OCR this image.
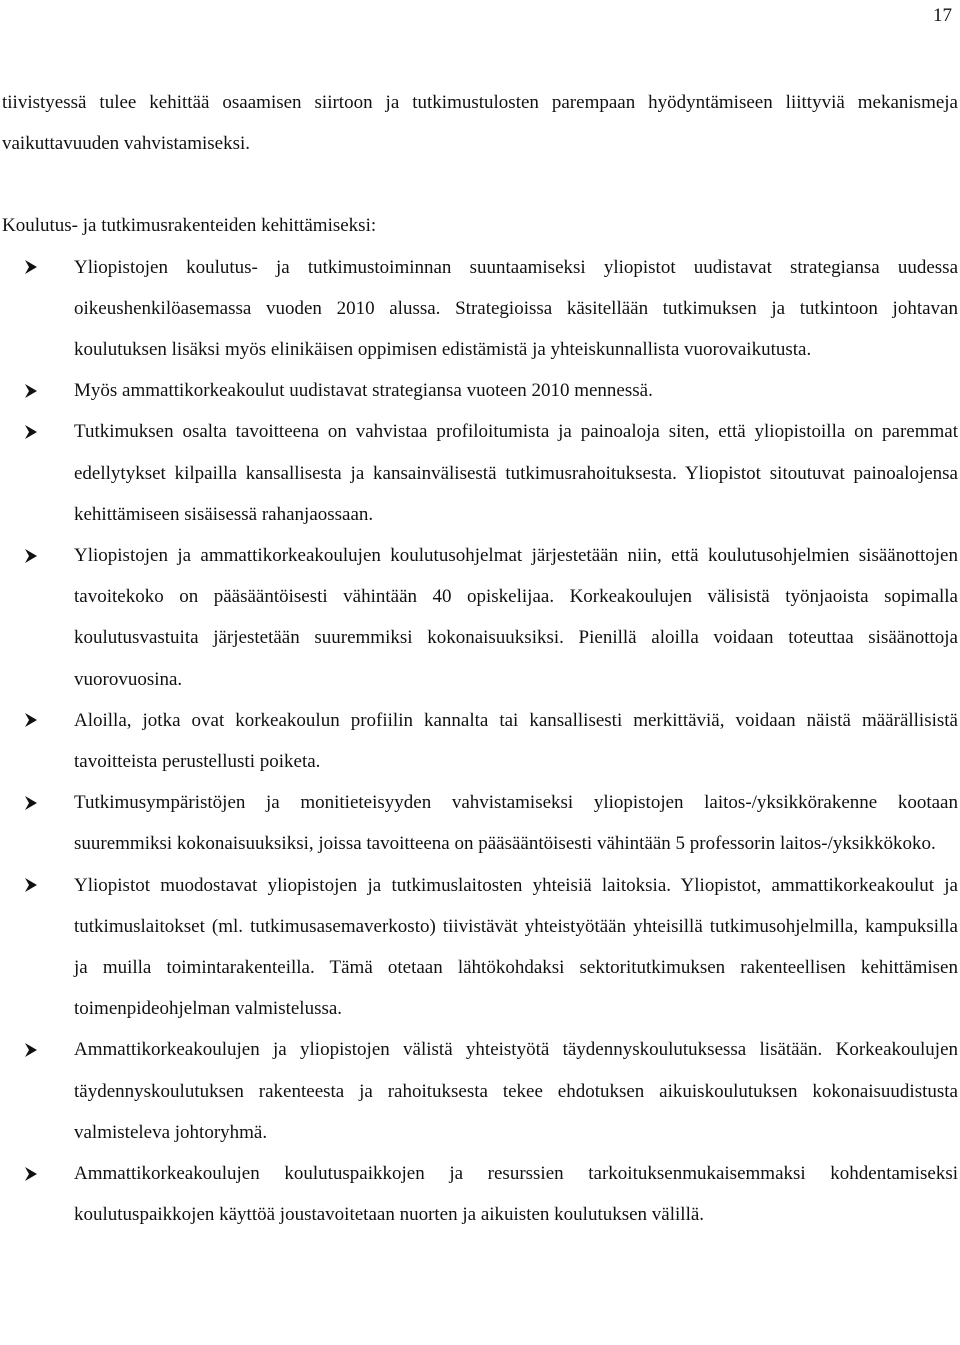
17

tiivistyessä tulee kehittää osaamisen siirtoon ja tutkimustulosten parempaan hyödyntämiseen liittyviä mekanismeja vaikuttavuuden vahvistamiseksi.

Koulutus- ja tutkimusrakenteiden kehittämiseksi:

Yliopistojen koulutus- ja tutkimustoiminnan suuntaamiseksi yliopistot uudistavat strategiansa uudessa oikeushenkilöasemassa vuoden 2010 alussa. Strategioissa käsitellään tutkimuksen ja tutkintoon johtavan koulutuksen lisäksi myös elinikäisen oppimisen edistämistä ja yhteiskunnallista vuorovaikutusta.
Myös ammattikorkeakoulut uudistavat strategiansa vuoteen 2010 mennessä.
Tutkimuksen osalta tavoitteena on vahvistaa profiloitumista ja painoaloja siten, että yliopistoilla on paremmat edellytykset kilpailla kansallisesta ja kansainvälisestä tutkimusrahoituksesta. Yliopistot sitoutuvat painoalojensa kehittämiseen sisäisessä rahanjaossaan.
Yliopistojen ja ammattikorkeakoulujen koulutusohjelmat järjestetään niin, että koulutusohjelmien sisäänottojen tavoitekoko on pääsääntöisesti vähintään 40 opiskelijaa. Korkeakoulujen välisistä työnjaoista sopimalla koulutusvastuita järjestetään suuremmiksi kokonaisuuksiksi. Pienillä aloilla voidaan toteuttaa sisäänottoja vuorovuosina.
Aloilla, jotka ovat korkeakoulun profiilin kannalta tai kansallisesti merkittäviä, voidaan näistä määrällisistä tavoitteista perustellusti poiketa.
Tutkimusympäristöjen ja monitieteisyyden vahvistamiseksi yliopistojen laitos-/yksikkörakenne kootaan suuremmiksi kokonaisuuksiksi, joissa tavoitteena on pääsääntöisesti vähintään 5 professorin laitos-/yksikkökoko.
Yliopistot muodostavat yliopistojen ja tutkimuslaitosten yhteisiä laitoksia. Yliopistot, ammattikorkeakoulut ja tutkimuslaitokset (ml. tutkimusasemaverkosto) tiivistävät yhteistyötään yhteisillä tutkimusohjelmilla, kampuksilla ja muilla toimintarakenteilla. Tämä otetaan lähtökohdaksi sektoritutkimuksen rakenteellisen kehittämisen toimenpideohjelman valmistelussa.
Ammattikorkeakoulujen ja yliopistojen välistä yhteistyötä täydennyskoulutuksessa lisätään. Korkeakoulujen täydennyskoulutuksen rakenteesta ja rahoituksesta tekee ehdotuksen aikuiskoulutuksen kokonaisuudistusta valmisteleva johtoryhmä.
Ammattikorkeakoulujen koulutuspaikkojen ja resurssien tarkoituksenmukaisemmaksi kohdentamiseksi koulutuspaikkojen käyttöä joustavoitetaan nuorten ja aikuisten koulutuksen välillä.
